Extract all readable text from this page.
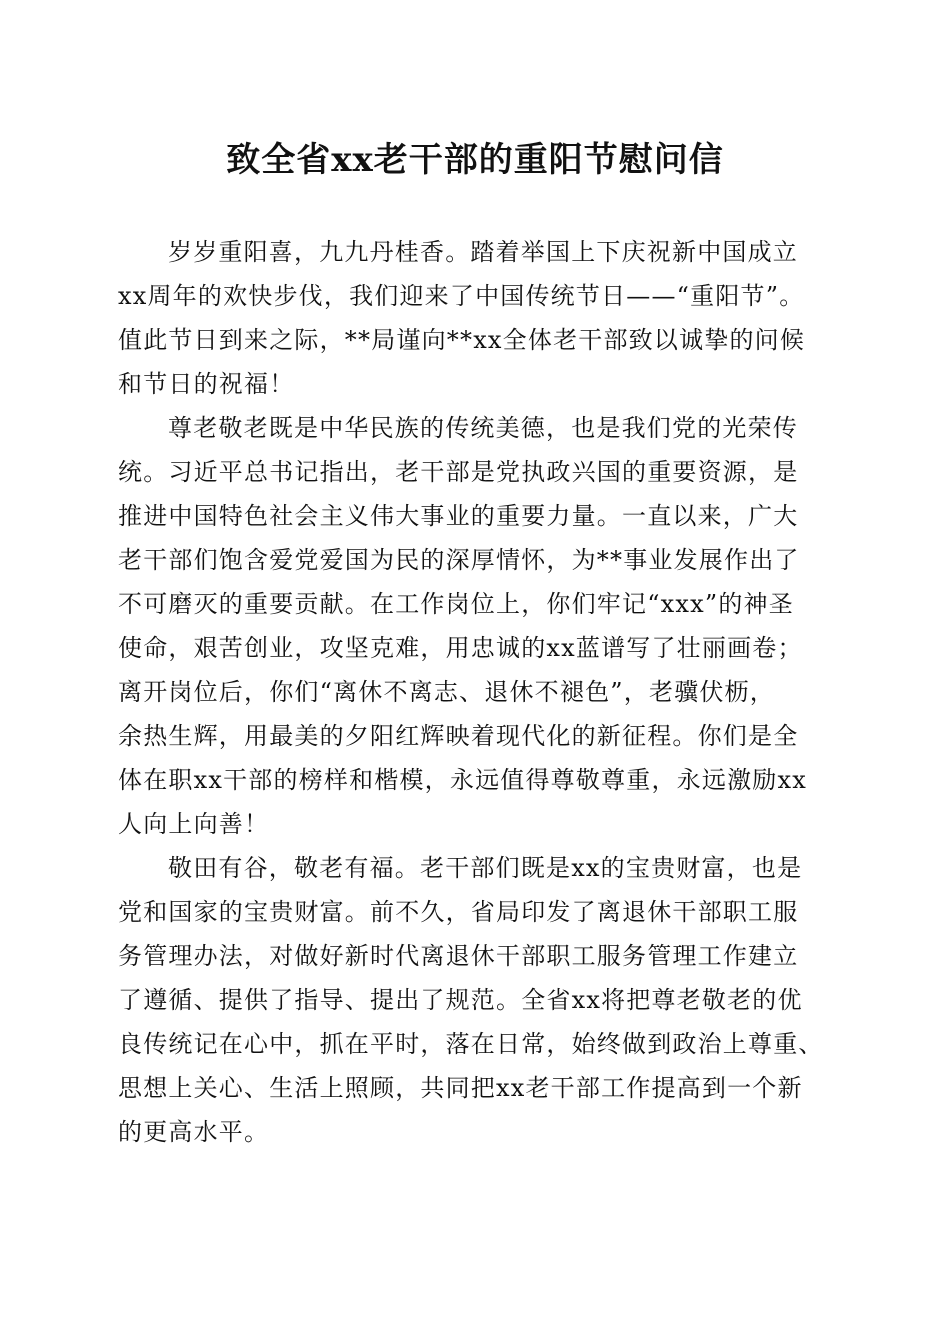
致全省xx老干部的重阳节慰问信

岁岁重阳喜，九九丹桂香。踏着举国上下庆祝新中国成立
xx周年的欢快步伐，我们迎来了中国传统节日——“重阳节”。
值此节日到来之际，**局谨向**xx全体老干部致以诚挚的问候
和节日的祝福！

尊老敬老既是中华民族的传统美德，也是我们党的光荣传
统。习近平总书记指出，老干部是党执政兴国的重要资源，是
推进中国特色社会主义伟大事业的重要力量。一直以来，广大
老干部们饱含爱党爱国为民的深厚情怀，为**事业发展作出了
不可磨灭的重要贡献。在工作岗位上，你们牢记“xxx”的神圣
使命，艰苦创业，攻坚克难，用忠诚的xx蓝谱写了壮丽画卷；
离开岗位后，你们“离休不离志、退休不褪色”，老骥伏枥，
余热生辉，用最美的夕阳红辉映着现代化的新征程。你们是全
体在职xx干部的榜样和楷模，永远值得尊敬尊重，永远激励xx
人向上向善！

敬田有谷，敬老有福。老干部们既是xx的宝贵财富，也是
党和国家的宝贵财富。前不久，省局印发了离退休干部职工服
务管理办法，对做好新时代离退休干部职工服务管理工作建立
了遵循、提供了指导、提出了规范。全省xx将把尊老敬老的优
良传统记在心中，抓在平时，落在日常，始终做到政治上尊重、
思想上关心、生活上照顾，共同把xx老干部工作提高到一个新
的更高水平。
